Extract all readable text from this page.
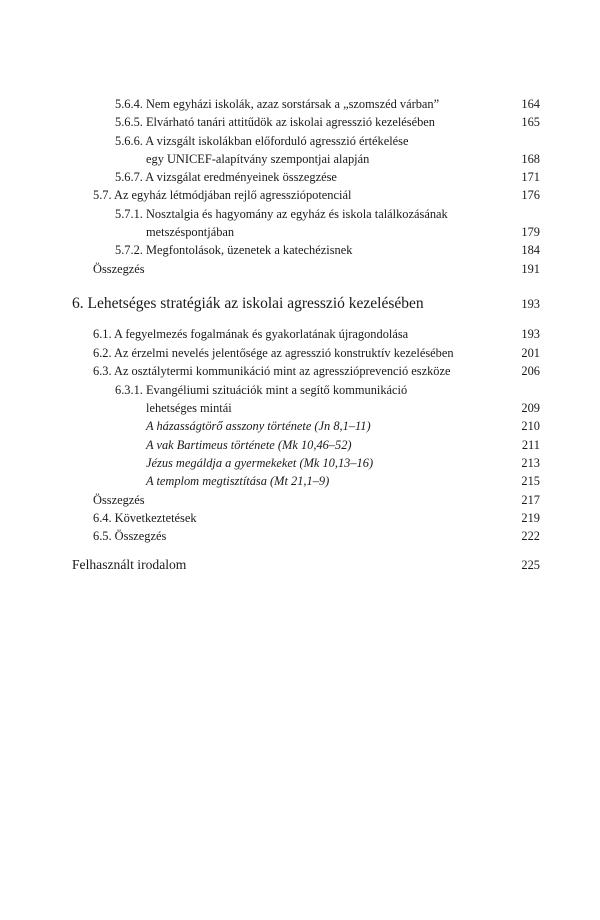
5.6.4. Nem egyházi iskolák, azaz sorstársak a „szomszéd várban”	164
5.6.5. Elvárható tanári attitűdök az iskolai agresszió kezelésében	165
5.6.6. A vizsgált iskolákban előforduló agresszió értékelése
egy UNICEF-alapítvány szempontjai alapján	168
5.6.7. A vizsgálat eredményeinek összegzése	171
5.7. Az egyház létmódjában rejlő agressziópotenciál	176
5.7.1. Nosztalgia és hagyomány az egyház és iskola találkozásának
metszéspontjában	179
5.7.2. Megfontolások, üzenetek a katechézisnek	184
Összegzés	191
6. Lehetséges stratégiák az iskolai agresszió kezelésében	193
6.1. A fegyelmezés fogalmának és gyakorlatának újragondolása	193
6.2. Az érzelmi nevelés jelentősége az agresszió konstruktív kezelésében	201
6.3. Az osztálytermi kommunikáció mint az agresszióprevenció eszköze	206
6.3.1. Evangéliumi szituációk mint a segítő kommunikáció
lehetséges mintái	209
A házasságtörő asszony története (Jn 8,1–11)	210
A vak Bartimeus története (Mk 10,46–52)	211
Jézus megáldja a gyermekeket (Mk 10,13–16)	213
A templom megtisztítása (Mt 21,1–9)	215
Összegzés	217
6.4. Következtetések	219
6.5. Összegzés	222
Felhasznált irodalom	225
